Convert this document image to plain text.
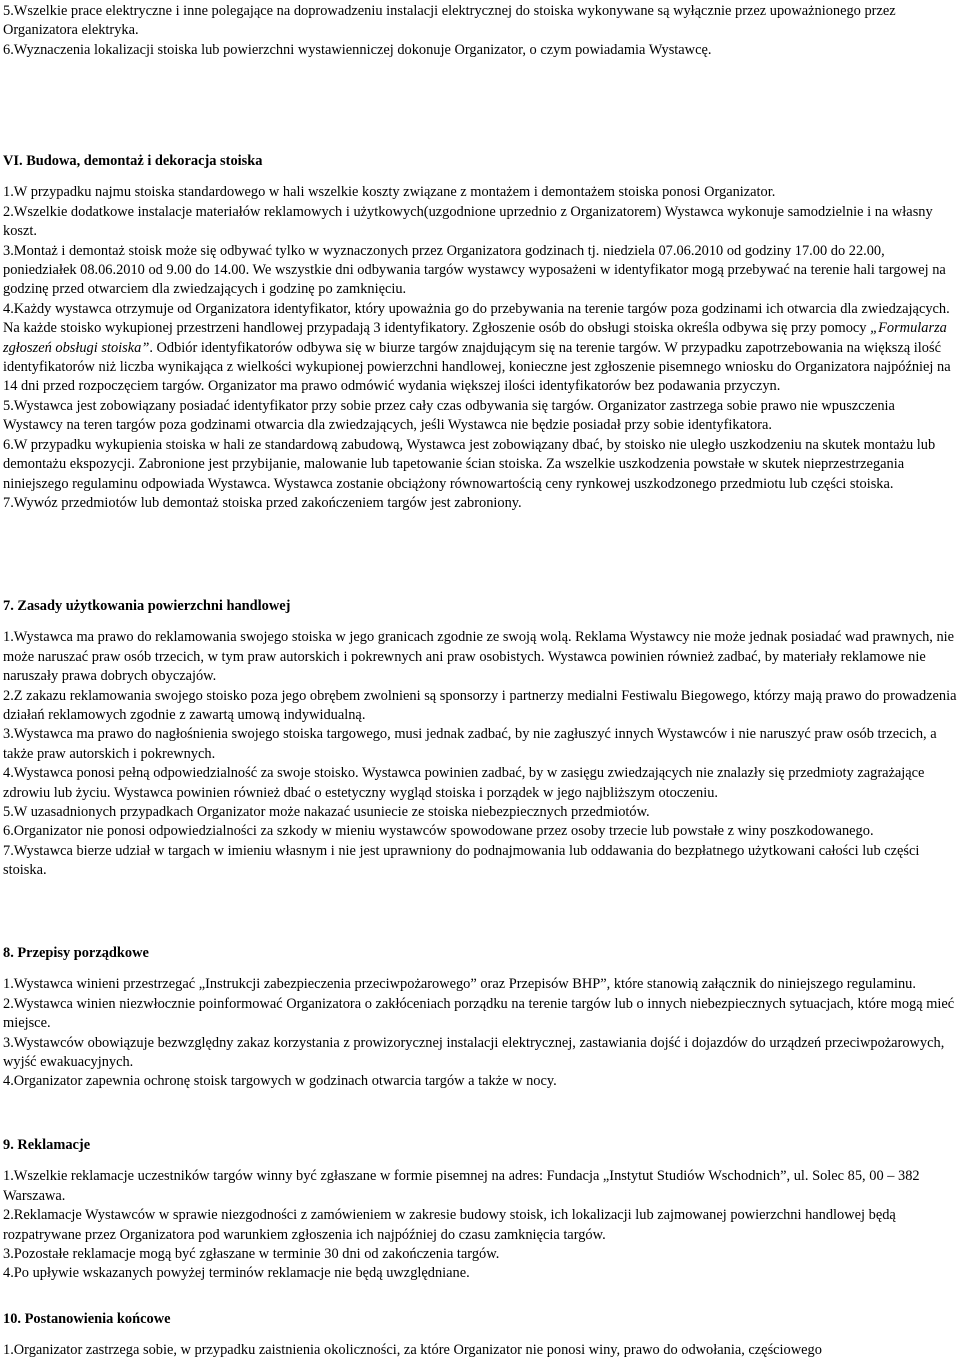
5.Wszelkie prace elektryczne i inne polegające na doprowadzeniu instalacji elektrycznej do stoiska wykonywane są wyłącznie przez upoważnionego przez Organizatora elektryka.

6.Wyznaczenia lokalizacji stoiska lub powierzchni wystawienniczej dokonuje Organizator, o czym powiadamia Wystawcę.

VI. Budowa, demontaż i dekoracja stoiska

1.W przypadku najmu stoiska standardowego w hali wszelkie koszty związane z montażem i demontażem stoiska ponosi Organizator.

2.Wszelkie dodatkowe instalacje materiałów reklamowych i użytkowych(uzgodnione uprzednio z Organizatorem) Wystawca wykonuje samodzielnie i na własny koszt.

3.Montaż i demontaż stoisk może się odbywać tylko w wyznaczonych przez Organizatora godzinach tj. niedziela 07.06.2010 od godziny 17.00 do 22.00, poniedziałek 08.06.2010 od 9.00 do 14.00. We wszystkie dni odbywania targów wystawcy wyposażeni w identyfikator mogą przebywać na terenie hali targowej na godzinę przed otwarciem dla zwiedzających i godzinę po zamknięciu.

4.Każdy wystawca otrzymuje od Organizatora identyfikator, który upoważnia go do przebywania na terenie targów poza godzinami ich otwarcia dla zwiedzających. Na każde stoisko wykupionej przestrzeni handlowej przypadają 3 identyfikatory. Zgłoszenie osób do obsługi stoiska określa odbywa się przy pomocy „Formularza zgłoszeń obsługi stoiska”. Odbiór identyfikatorów odbywa się w biurze targów znajdującym się na terenie targów. W przypadku zapotrzebowania na większą ilość identyfikatorów niż liczba wynikająca z wielkości wykupionej powierzchni handlowej, konieczne jest zgłoszenie pisemnego wniosku do Organizatora najpóźniej na 14 dni przed rozpoczęciem targów. Organizator ma prawo odmówić wydania większej ilości identyfikatorów bez podawania przyczyn.

5.Wystawca jest zobowiązany posiadać identyfikator przy sobie przez cały czas odbywania się targów. Organizator zastrzega sobie prawo nie wpuszczenia Wystawcy na teren targów poza godzinami otwarcia dla zwiedzających, jeśli Wystawca nie będzie posiadał przy sobie identyfikatora.

6.W przypadku wykupienia stoiska w hali ze standardową zabudową, Wystawca jest zobowiązany dbać, by stoisko nie uległo uszkodzeniu na skutek montażu lub demontażu ekspozycji. Zabronione jest przybijanie, malowanie lub tapetowanie ścian stoiska. Za wszelkie uszkodzenia powstałe w skutek nieprzestrzegania niniejszego regulaminu odpowiada Wystawca. Wystawca zostanie obciążony równowartością ceny rynkowej uszkodzonego przedmiotu lub części stoiska.

7.Wywóz przedmiotów lub demontaż stoiska przed zakończeniem targów jest zabroniony.

7. Zasady użytkowania powierzchni handlowej

1.Wystawca ma prawo do reklamowania swojego stoiska w jego granicach zgodnie ze swoją wolą. Reklama Wystawcy nie może jednak posiadać wad prawnych, nie może naruszać praw osób trzecich, w tym praw autorskich i pokrewnych ani praw osobistych. Wystawca powinien również zadbać, by materiały reklamowe nie naruszały prawa dobrych obyczajów.

2.Z zakazu reklamowania swojego stoisko poza jego obrębem zwolnieni są sponsorzy i partnerzy medialni Festiwalu Biegowego, którzy mają prawo do prowadzenia działań reklamowych zgodnie z zawartą umową indywidualną.

3.Wystawca ma prawo do nagłośnienia swojego stoiska targowego, musi jednak zadbać, by nie zagłuszyć innych Wystawców i nie naruszyć praw osób trzecich, a także praw autorskich i pokrewnych.

4.Wystawca ponosi pełną odpowiedzialność za swoje stoisko. Wystawca powinien zadbać, by w zasięgu zwiedzających nie znalazły się przedmioty zagrażające zdrowiu lub życiu. Wystawca powinien również dbać o estetyczny wygląd stoiska i porządek w jego najbliższym otoczeniu.

5.W uzasadnionych przypadkach Organizator może nakazać usuniecie ze stoiska niebezpiecznych przedmiotów.

6.Organizator nie ponosi odpowiedzialności za szkody w mieniu wystawców spowodowane przez osoby trzecie lub powstałe z winy poszkodowanego.

7.Wystawca bierze udział w targach w imieniu własnym i nie jest uprawniony do podnajmowania lub oddawania do bezpłatnego użytkowani całości lub części stoiska.

8. Przepisy porządkowe

1.Wystawca winieni przestrzegać „Instrukcji zabezpieczenia przeciwpożarowego” oraz Przepisów BHP”, które stanowią załącznik do niniejszego regulaminu.

2.Wystawca winien niezwłocznie poinformować Organizatora o zakłóceniach porządku na terenie targów lub o innych niebezpiecznych sytuacjach, które mogą mieć miejsce.

3.Wystawców obowiązuje bezwzględny zakaz korzystania z prowizorycznej instalacji elektrycznej, zastawiania dojść i dojazdów do urządzeń przeciwpożarowych, wyjść ewakuacyjnych.

4.Organizator zapewnia ochronę stoisk targowych w godzinach otwarcia targów a także w nocy.

9. Reklamacje

1.Wszelkie reklamacje uczestników targów winny być zgłaszane w formie pisemnej na adres: Fundacja „Instytut Studiów Wschodnich”, ul. Solec 85, 00 – 382 Warszawa.

2.Reklamacje Wystawców w sprawie niezgodności z zamówieniem w zakresie budowy stoisk, ich lokalizacji lub zajmowanej powierzchni handlowej będą rozpatrywane przez Organizatora pod warunkiem zgłoszenia ich najpóźniej do czasu zamknięcia targów.

3.Pozostałe reklamacje mogą być zgłaszane w terminie 30 dni od zakończenia targów.

4.Po upływie wskazanych powyżej terminów reklamacje nie będą uwzględniane.

10. Postanowienia końcowe

1.Organizator zastrzega sobie, w przypadku zaistnienia okoliczności, za które Organizator nie ponosi winy, prawo do odwołania, częściowego
